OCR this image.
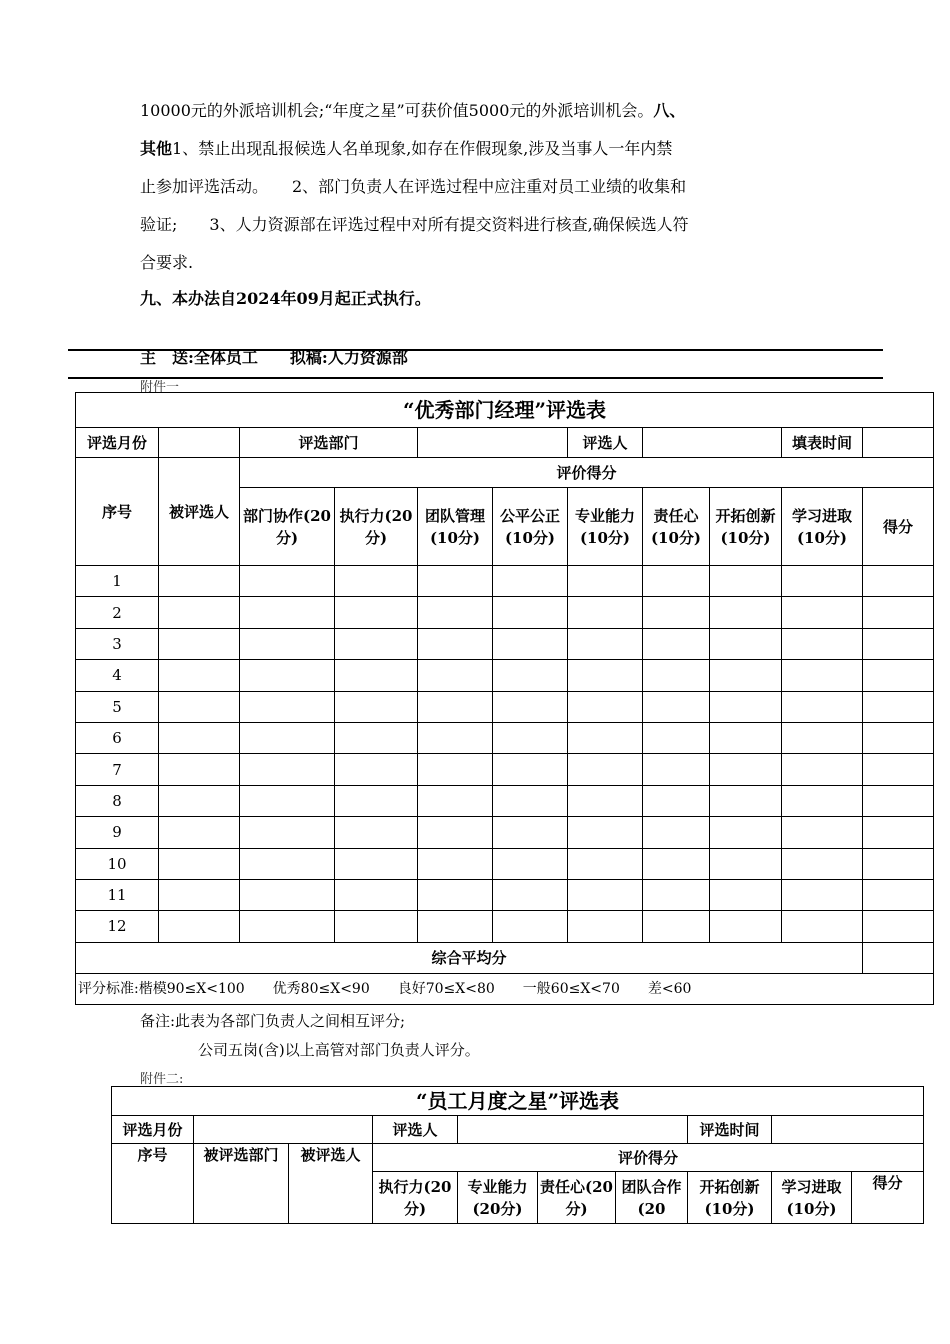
10000元的外派培训机会;“年度之星”可获价值5000元的外派培训机会。八、
其他1、禁止出现乱报候选人名单现象,如存在作假现象,涉及当事人一年内禁
止参加评选活动。　　2、部门负责人在评选过程中应注重对员工业绩的收集和
验证;　　3、人力资源部在评选过程中对所有提交资料进行核查,确保候选人符
合要求.
九、本办法自2024年09月起正式执行。
主　送:全体员工　　拟稿:人力资源部
附件一
“优秀部门经理”评选表										
评选月份		评选部门				评选人			填表时间	
序号	被评选人	评价得分								
		部门协作(20分)	执行力(20分)	团队管理(10分)	公平公正(10分)	专业能力(10分)	责任心(10分)	开拓创新(10分)	学习进取(10分)	得分
1										
2										
3										
4										
5										
6										
7										
8										
9										
10										
11										
12										
综合平均分										
评分标准:楷模90≤X<100　　优秀80≤X<90　　良好70≤X<80　　一般60≤X<70　　差<60										
备注:此表为各部门负责人之间相互评分;
公司五岗(含)以上高管对部门负责人评分。
附件二:
“员工月度之星”评选表									
评选月份			评选人				评选时间		
序号	被评选部门	被评选人	评价得分						
			执行力(20分)	专业能力(20分)	责任心(20分)	团队合作(20	开拓创新(10分)	学习进取(10分)	得分
